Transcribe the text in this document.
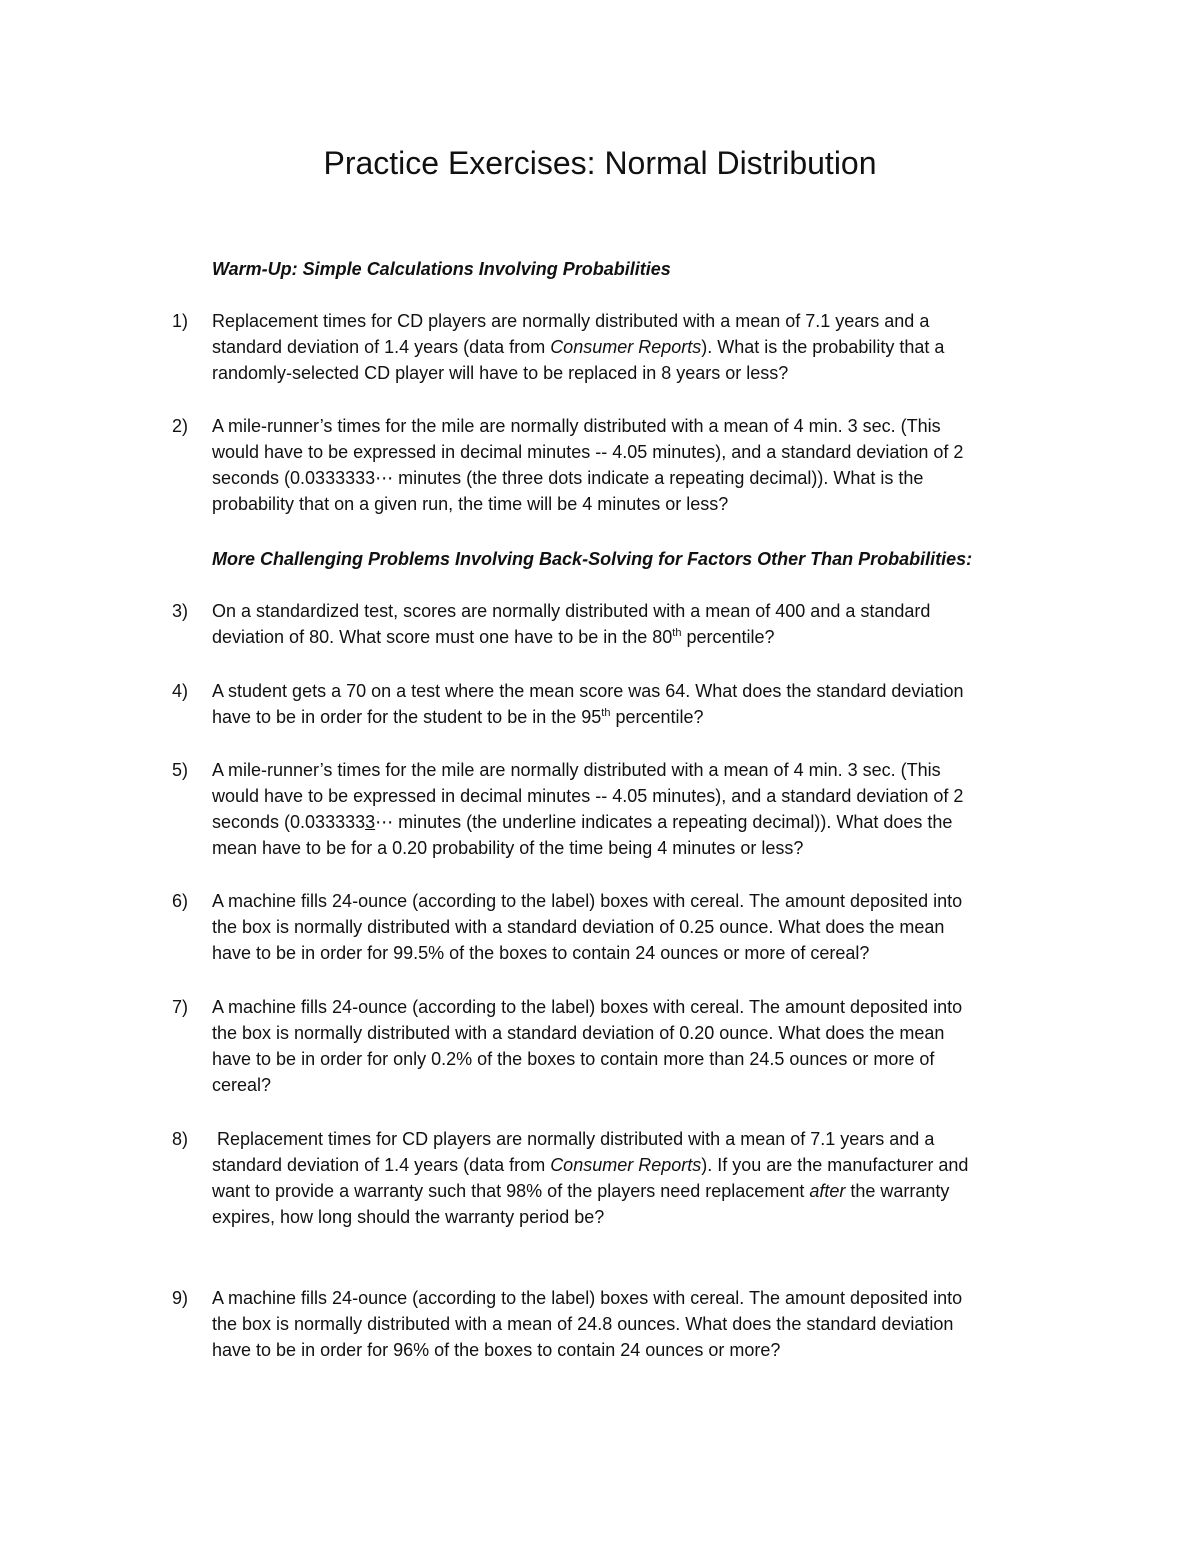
Practice Exercises: Normal Distribution

Warm-Up: Simple Calculations Involving Probabilities

1) Replacement times for CD players are normally distributed with a mean of 7.1 years and a
standard deviation of 1.4 years (data from Consumer Reports). What is the probability that a
randomly-selected CD player will have to be replaced in 8 years or less?

2) A mile-runner’s times for the mile are normally distributed with a mean of 4 min. 3 sec. (This
would have to be expressed in decimal minutes -- 4.05 minutes), and a standard deviation of 2
seconds (0.0333333⋯ minutes (the three dots indicate a repeating decimal)). What is the
probability that on a given run, the time will be 4 minutes or less?

More Challenging Problems Involving Back-Solving for Factors Other Than Probabilities:

3) On a standardized test, scores are normally distributed with a mean of 400 and a standard
deviation of 80. What score must one have to be in the 80th percentile?

4) A student gets a 70 on a test where the mean score was 64. What does the standard deviation
have to be in order for the student to be in the 95th percentile?

5) A mile-runner’s times for the mile are normally distributed with a mean of 4 min. 3 sec. (This
would have to be expressed in decimal minutes -- 4.05 minutes), and a standard deviation of 2
seconds (0.0333333⋯ minutes (the underline indicates a repeating decimal)). What does the
mean have to be for a 0.20 probability of the time being 4 minutes or less?

6) A machine fills 24-ounce (according to the label) boxes with cereal. The amount deposited into
the box is normally distributed with a standard deviation of 0.25 ounce. What does the mean
have to be in order for 99.5% of the boxes to contain 24 ounces or more of cereal?

7) A machine fills 24-ounce (according to the label) boxes with cereal. The amount deposited into
the box is normally distributed with a standard deviation of 0.20 ounce. What does the mean
have to be in order for only 0.2% of the boxes to contain more than 24.5 ounces or more of
cereal?

8) Replacement times for CD players are normally distributed with a mean of 7.1 years and a
standard deviation of 1.4 years (data from Consumer Reports). If you are the manufacturer and
want to provide a warranty such that 98% of the players need replacement after the warranty
expires, how long should the warranty period be?

9) A machine fills 24-ounce (according to the label) boxes with cereal. The amount deposited into
the box is normally distributed with a mean of 24.8 ounces. What does the standard deviation
have to be in order for 96% of the boxes to contain 24 ounces or more?
